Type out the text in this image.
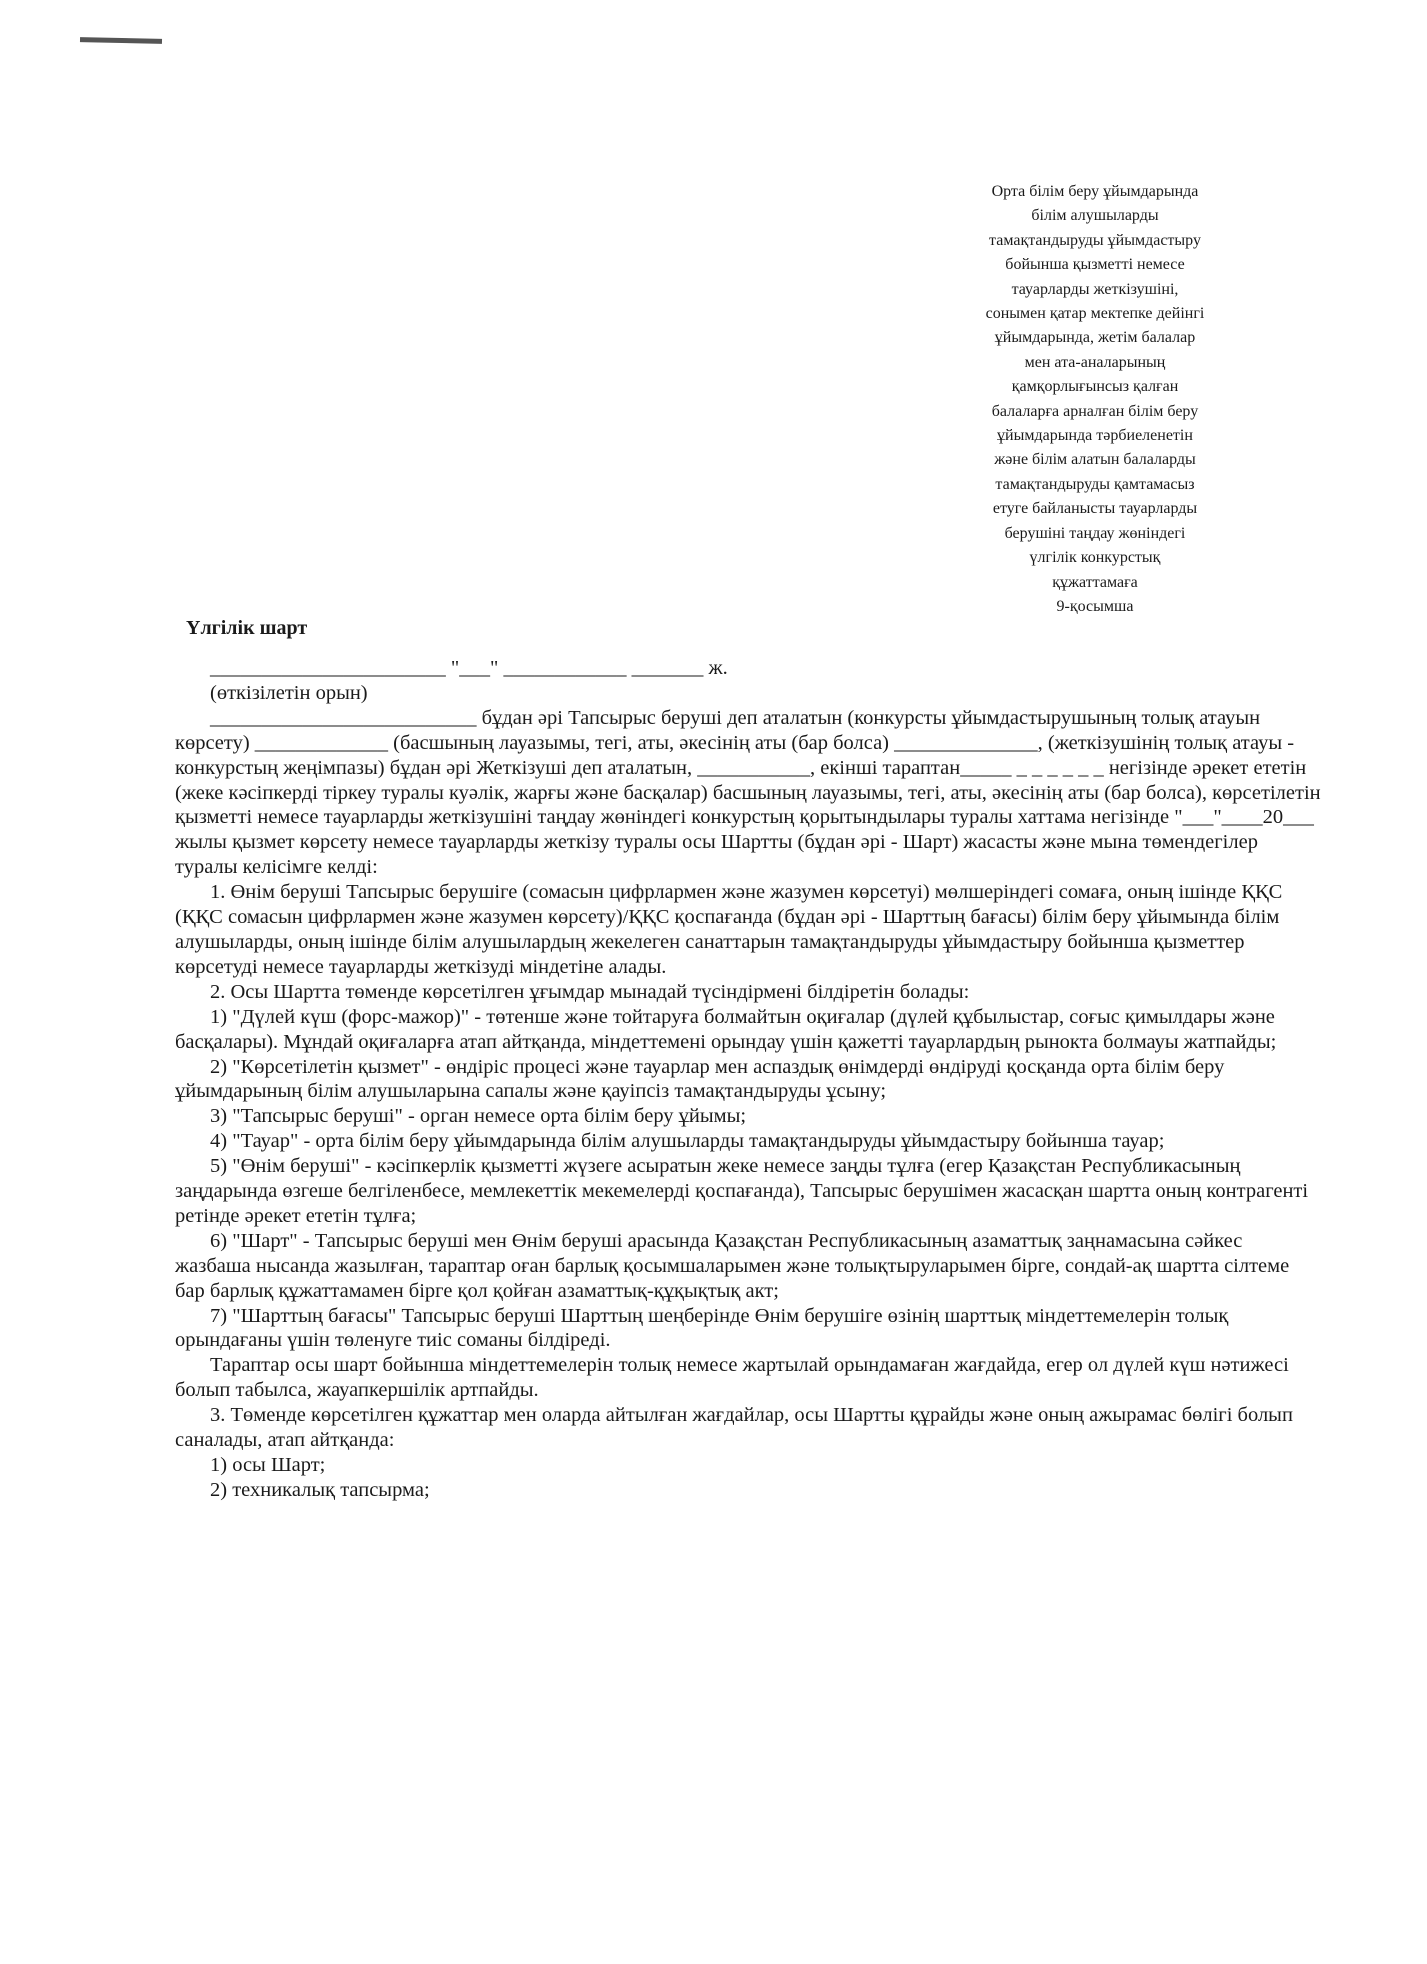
Орта білім беру ұйымдарында
білім алушыларды
тамақтандыруды ұйымдастыру
бойынша қызметті немесе
тауарларды жеткізушіні,
сонымен қатар мектепке дейінгі
ұйымдарында, жетім балалар
мен ата-аналарының
қамқорлығынсыз қалған
балаларға арналған білім беру
ұйымдарында тәрбиеленетін
және білім алатын балаларды
тамақтандыруды қамтамасыз
етуге байланысты тауарларды
берушіні таңдау жөніндегі
үлгілік конкурстық
құжаттамаға
9-қосымша
Үлгілік шарт

_______________________ "___" ____________ _______ ж.

(өткізілетін орын)

__________________________ бұдан әрі Тапсырыс беруші деп аталатын (конкурсты ұйымдастырушының толық атауын көрсету) _____________ (басшының лауазымы, тегі, аты, әкесінің аты (бар болса) ______________, (жеткізушінің толық атауы - конкурстың жеңімпазы) бұдан әрі Жеткізуші деп аталатын, ___________, екінші тараптан_____ _ _ _ _ _ _ негізінде әрекет ететін (жеке кәсіпкерді тіркеу туралы куәлік, жарғы және басқалар) басшының лауазымы, тегі, аты, әкесінің аты (бар болса), көрсетілетін қызметті немесе тауарларды жеткізушіні таңдау жөніндегі конкурстың қорытындылары туралы хаттама негізінде "___"____20___ жылы қызмет көрсету немесе тауарларды жеткізу туралы осы Шартты (бұдан әрі - Шарт) жасасты және мына төмендегілер туралы келісімге келді:

1. Өнім беруші Тапсырыс берушіге (сомасын цифрлармен және жазумен көрсетуі) мөлшеріндегі сомаға, оның ішінде ҚҚС (ҚҚС сомасын цифрлармен және жазумен көрсету)/ҚҚС қоспағанда (бұдан әрі - Шарттың бағасы) білім беру ұйымында білім алушыларды, оның ішінде білім алушылардың жекелеген санаттарын тамақтандыруды ұйымдастыру бойынша қызметтер көрсетуді немесе тауарларды жеткізуді міндетіне алады.

2. Осы Шартта төменде көрсетілген ұғымдар мынадай түсіндірмені білдіретін болады:

1) "Дүлей күш (форс-мажор)" - төтенше және тойтаруға болмайтын оқиғалар (дүлей құбылыстар, соғыс қимылдары және басқалары). Мұндай оқиғаларға атап айтқанда, міндеттемені орындау үшін қажетті тауарлардың рынокта болмауы жатпайды;

2) "Көрсетілетін қызмет" - өндіріс процесі және тауарлар мен аспаздық өнімдерді өндіруді қосқанда орта білім беру ұйымдарының білім алушыларына сапалы және қауіпсіз тамақтандыруды ұсыну;

3) "Тапсырыс беруші" - орган немесе орта білім беру ұйымы;

4) "Тауар" - орта білім беру ұйымдарында білім алушыларды тамақтандыруды ұйымдастыру бойынша тауар;

5) "Өнім беруші" - кәсіпкерлік қызметті жүзеге асыратын жеке немесе заңды тұлға (егер Қазақстан Республикасының заңдарында өзгеше белгіленбесе, мемлекеттік мекемелерді қоспағанда), Тапсырыс берушімен жасасқан шартта оның контрагенті ретінде әрекет ететін тұлға;

6) "Шарт" - Тапсырыс беруші мен Өнім беруші арасында Қазақстан Республикасының азаматтық заңнамасына сәйкес жазбаша нысанда жазылған, тараптар оған барлық қосымшаларымен және толықтыруларымен бірге, сондай-ақ шартта сілтеме бар барлық құжаттамамен бірге қол қойған азаматтық-құқықтық акт;

7) "Шарттың бағасы" Тапсырыс беруші Шарттың шеңберінде Өнім берушіге өзінің шарттық міндеттемелерін толық орындағаны үшін төленуге тиіс соманы білдіреді.

Тараптар осы шарт бойынша міндеттемелерін толық немесе жартылай орындамаған жағдайда, егер ол дүлей күш нәтижесі болып табылса, жауапкершілік артпайды.

3. Төменде көрсетілген құжаттар мен оларда айтылған жағдайлар, осы Шартты құрайды және оның ажырамас бөлігі болып саналады, атап айтқанда:

1) осы Шарт;

2) техникалық тапсырма;
